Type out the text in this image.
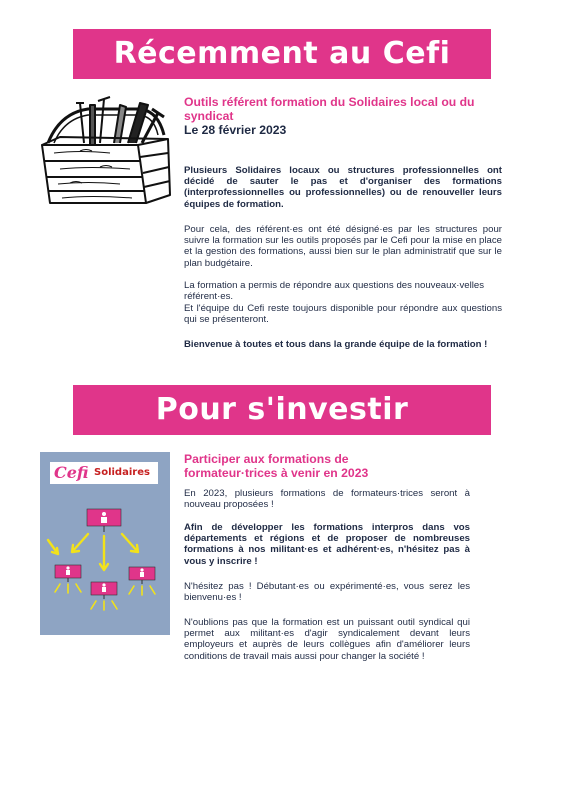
Récemment au Cefi
Outils référent formation du Solidaires local ou du syndicat
Le 28 février 2023

Plusieurs Solidaires locaux ou structures professionnelles ont décidé de sauter le pas et d'organiser des formations (interprofessionnelles ou professionnelles) ou de renouveller leurs équipes de formation.

Pour cela, des référent·es ont été désigné·es par les structures pour suivre la formation sur les outils proposés par le Cefi pour la mise en place et la gestion des formations, aussi bien sur le plan administratif que sur le plan budgétaire.

La formation a permis de répondre aux questions des nouveaux·velles référent·es.

Et l'équipe du Cefi reste toujours disponible pour répondre aux questions qui se présenteront.

Bienvenue à toutes et tous dans la grande équipe de la formation !

Pour s'investir
Cefi Solidaires
Participer aux formations de formateur·trices à venir en 2023

En 2023, plusieurs formations de formateurs·trices seront à nouveau proposées !

Afin de développer les formations interpros dans vos départements et régions et de proposer de nombreuses formations à nos militant·es et adhérent·es, n'hésitez pas à vous y inscrire !

N'hésitez pas ! Débutant·es ou expérimenté·es, vous serez les bienvenu·es !

N'oublions pas que la formation est un puissant outil syndical qui permet aux militant·es d'agir syndicalement devant leurs employeurs et auprès de leurs collègues afin d'améliorer leurs conditions de travail mais aussi pour changer la société !
